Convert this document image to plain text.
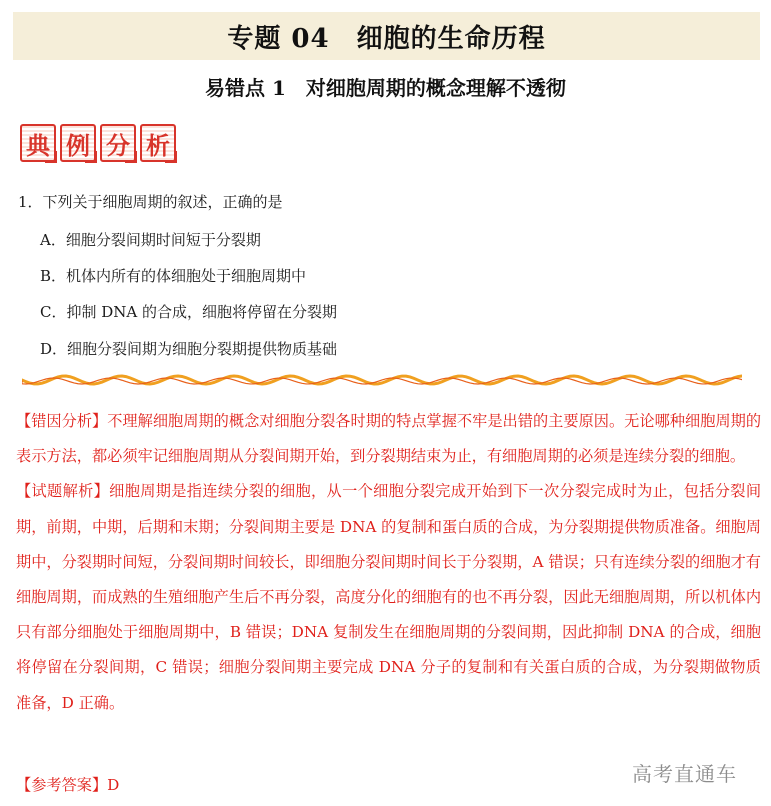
专题 04　细胞的生命历程
易错点 1　对细胞周期的概念理解不透彻
典 例 分 析
1．下列关于细胞周期的叙述，正确的是
A．细胞分裂间期时间短于分裂期
B．机体内所有的体细胞处于细胞周期中
C．抑制 DNA 的合成，细胞将停留在分裂期
D．细胞分裂间期为细胞分裂期提供物质基础

【错因分析】不理解细胞周期的概念对细胞分裂各时期的特点掌握不牢是出错的主要原因。无论哪种细胞周期的表示方法，都必须牢记细胞周期从分裂间期开始，到分裂期结束为止，有细胞周期的必须是连续分裂的细胞。

【试题解析】细胞周期是指连续分裂的细胞，从一个细胞分裂完成开始到下一次分裂完成时为止，包括分裂间期，前期，中期，后期和末期；分裂间期主要是 DNA 的复制和蛋白质的合成，为分裂期提供物质准备。细胞周期中，分裂期时间短，分裂间期时间较长，即细胞分裂间期时间长于分裂期，A 错误；只有连续分裂的细胞才有细胞周期，而成熟的生殖细胞产生后不再分裂，高度分化的细胞有的也不再分裂，因此无细胞周期，所以机体内只有部分细胞处于细胞周期中，B 错误；DNA 复制发生在细胞周期的分裂间期，因此抑制 DNA 的合成，细胞将停留在分裂间期，C 错误；细胞分裂间期主要完成 DNA 分子的复制和有关蛋白质的合成，为分裂期做物质准备，D 正确。

【参考答案】D	高考直通车
